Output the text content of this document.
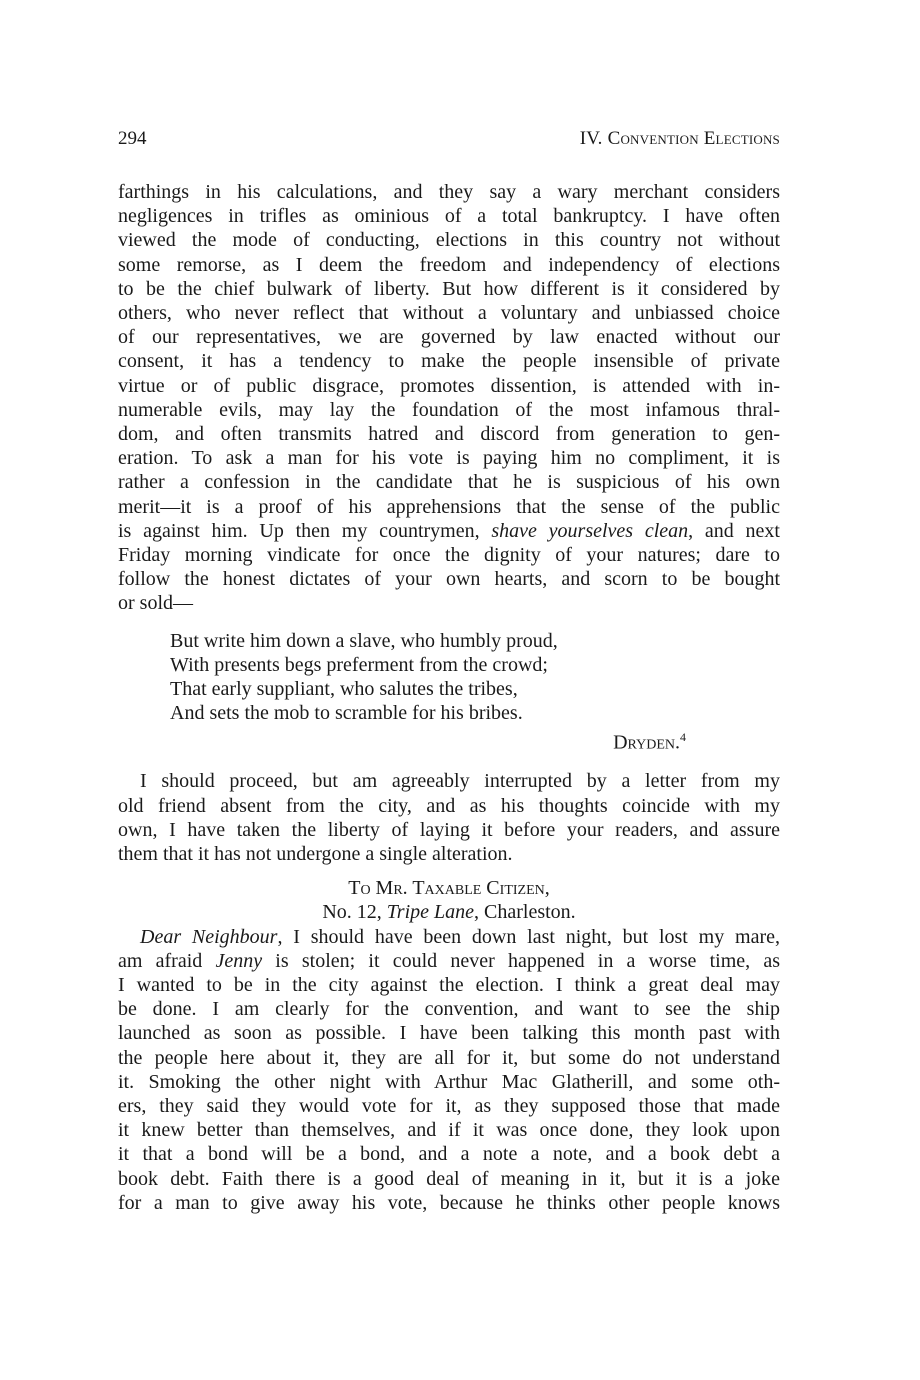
294	IV. Convention Elections

farthings in his calculations, and they say a wary merchant considers
negligences in trifles as ominious of a total bankruptcy. I have often
viewed the mode of conducting, elections in this country not without
some remorse, as I deem the freedom and independency of elections
to be the chief bulwark of liberty. But how different is it considered by
others, who never reflect that without a voluntary and unbiassed choice
of our representatives, we are governed by law enacted without our
consent, it has a tendency to make the people insensible of private
virtue or of public disgrace, promotes dissention, is attended with in-
numerable evils, may lay the foundation of the most infamous thral-
dom, and often transmits hatred and discord from generation to gen-
eration. To ask a man for his vote is paying him no compliment, it is
rather a confession in the candidate that he is suspicious of his own
merit—it is a proof of his apprehensions that the sense of the public
is against him. Up then my countrymen, shave yourselves clean, and next
Friday morning vindicate for once the dignity of your natures; dare to
follow the honest dictates of your own hearts, and scorn to be bought
or sold—

But write him down a slave, who humbly proud,
With presents begs preferment from the crowd;
That early suppliant, who salutes the tribes,
And sets the mob to scramble for his bribes.
Dryden.$^4$

I should proceed, but am agreeably interrupted by a letter from my
old friend absent from the city, and as his thoughts coincide with my
own, I have taken the liberty of laying it before your readers, and assure
them that it has not undergone a single alteration.

To Mr. Taxable Citizen,
No. 12, Tripe Lane, Charleston.

Dear Neighbour, I should have been down last night, but lost my mare,
am afraid Jenny is stolen; it could never happened in a worse time, as
I wanted to be in the city against the election. I think a great deal may
be done. I am clearly for the convention, and want to see the ship
launched as soon as possible. I have been talking this month past with
the people here about it, they are all for it, but some do not understand
it. Smoking the other night with Arthur Mac Glatherill, and some oth-
ers, they said they would vote for it, as they supposed those that made
it knew better than themselves, and if it was once done, they look upon
it that a bond will be a bond, and a note a note, and a book debt a
book debt. Faith there is a good deal of meaning in it, but it is a joke
for a man to give away his vote, because he thinks other people knows
